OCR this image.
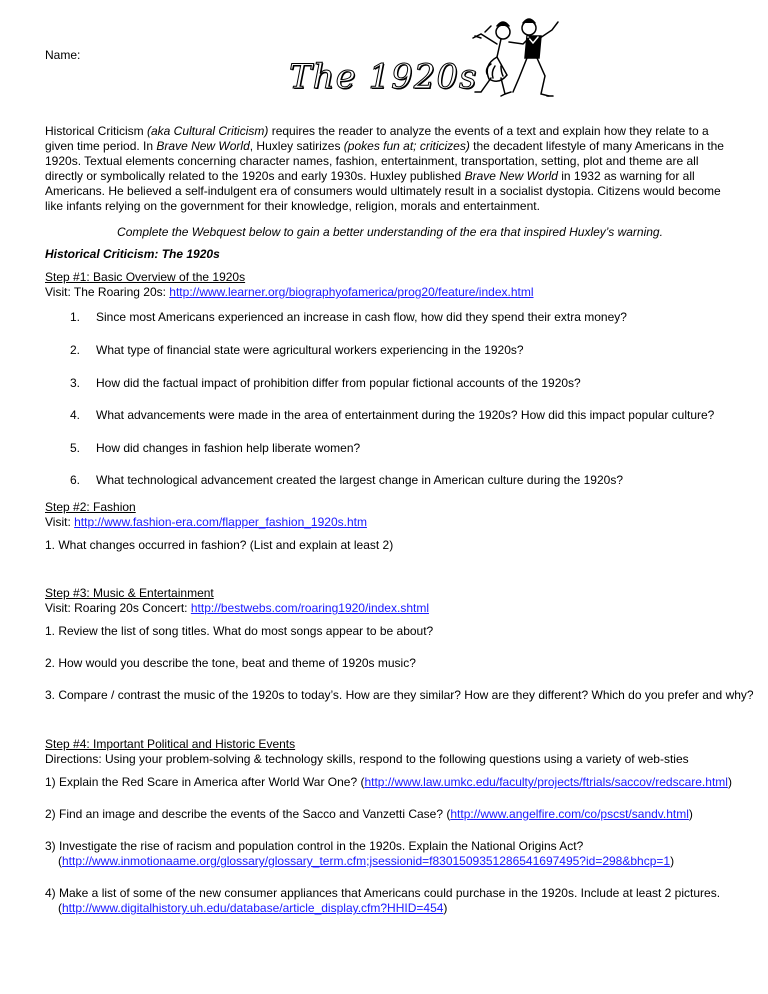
Name:
The 1920s

Historical Criticism (aka Cultural Criticism) requires the reader to analyze the events of a text and explain how they relate to a given time period. In Brave New World, Huxley satirizes (pokes fun at; criticizes) the decadent lifestyle of many Americans in the 1920s. Textual elements concerning character names, fashion, entertainment, transportation, setting, plot and theme are all directly or symbolically related to the 1920s and early 1930s. Huxley published Brave New World in 1932 as warning for all Americans. He believed a self-indulgent era of consumers would ultimately result in a socialist dystopia. Citizens would become like infants relying on the government for their knowledge, religion, morals and entertainment.

Complete the Webquest below to gain a better understanding of the era that inspired Huxley’s warning.
Historical Criticism: The 1920s
Step #1: Basic Overview of the 1920s
Visit: The Roaring 20s: http://www.learner.org/biographyofamerica/prog20/feature/index.html
1. Since most Americans experienced an increase in cash flow, how did they spend their extra money?
2. What type of financial state were agricultural workers experiencing in the 1920s?
3. How did the factual impact of prohibition differ from popular fictional accounts of the 1920s?
4. What advancements were made in the area of entertainment during the 1920s? How did this impact popular culture?
5. How did changes in fashion help liberate women?
6. What technological advancement created the largest change in American culture during the 1920s?
Step #2: Fashion
Visit: http://www.fashion-era.com/flapper_fashion_1920s.htm
1. What changes occurred in fashion? (List and explain at least 2)
Step #3: Music & Entertainment
Visit: Roaring 20s Concert: http://bestwebs.com/roaring1920/index.shtml
1. Review the list of song titles. What do most songs appear to be about?
2. How would you describe the tone, beat and theme of 1920s music?
3. Compare / contrast the music of the 1920s to today’s. How are they similar? How are they different? Which do you prefer and why?
Step #4: Important Political and Historic Events
Directions: Using your problem-solving & technology skills, respond to the following questions using a variety of web-sties
1) Explain the Red Scare in America after World War One? (http://www.law.umkc.edu/faculty/projects/ftrials/saccov/redscare.html)
2) Find an image and describe the events of the Sacco and Vanzetti Case? (http://www.angelfire.com/co/pscst/sandv.html)
3) Investigate the rise of racism and population control in the 1920s. Explain the National Origins Act?
(http://www.inmotionaame.org/glossary/glossary_term.cfm;jsessionid=f830150935128654169749​5?id=298&bhcp=1)
4) Make a list of some of the new consumer appliances that Americans could purchase in the 1920s. Include at least 2 pictures.
(http://www.digitalhistory.uh.edu/database/article_display.cfm?HHID=454)
